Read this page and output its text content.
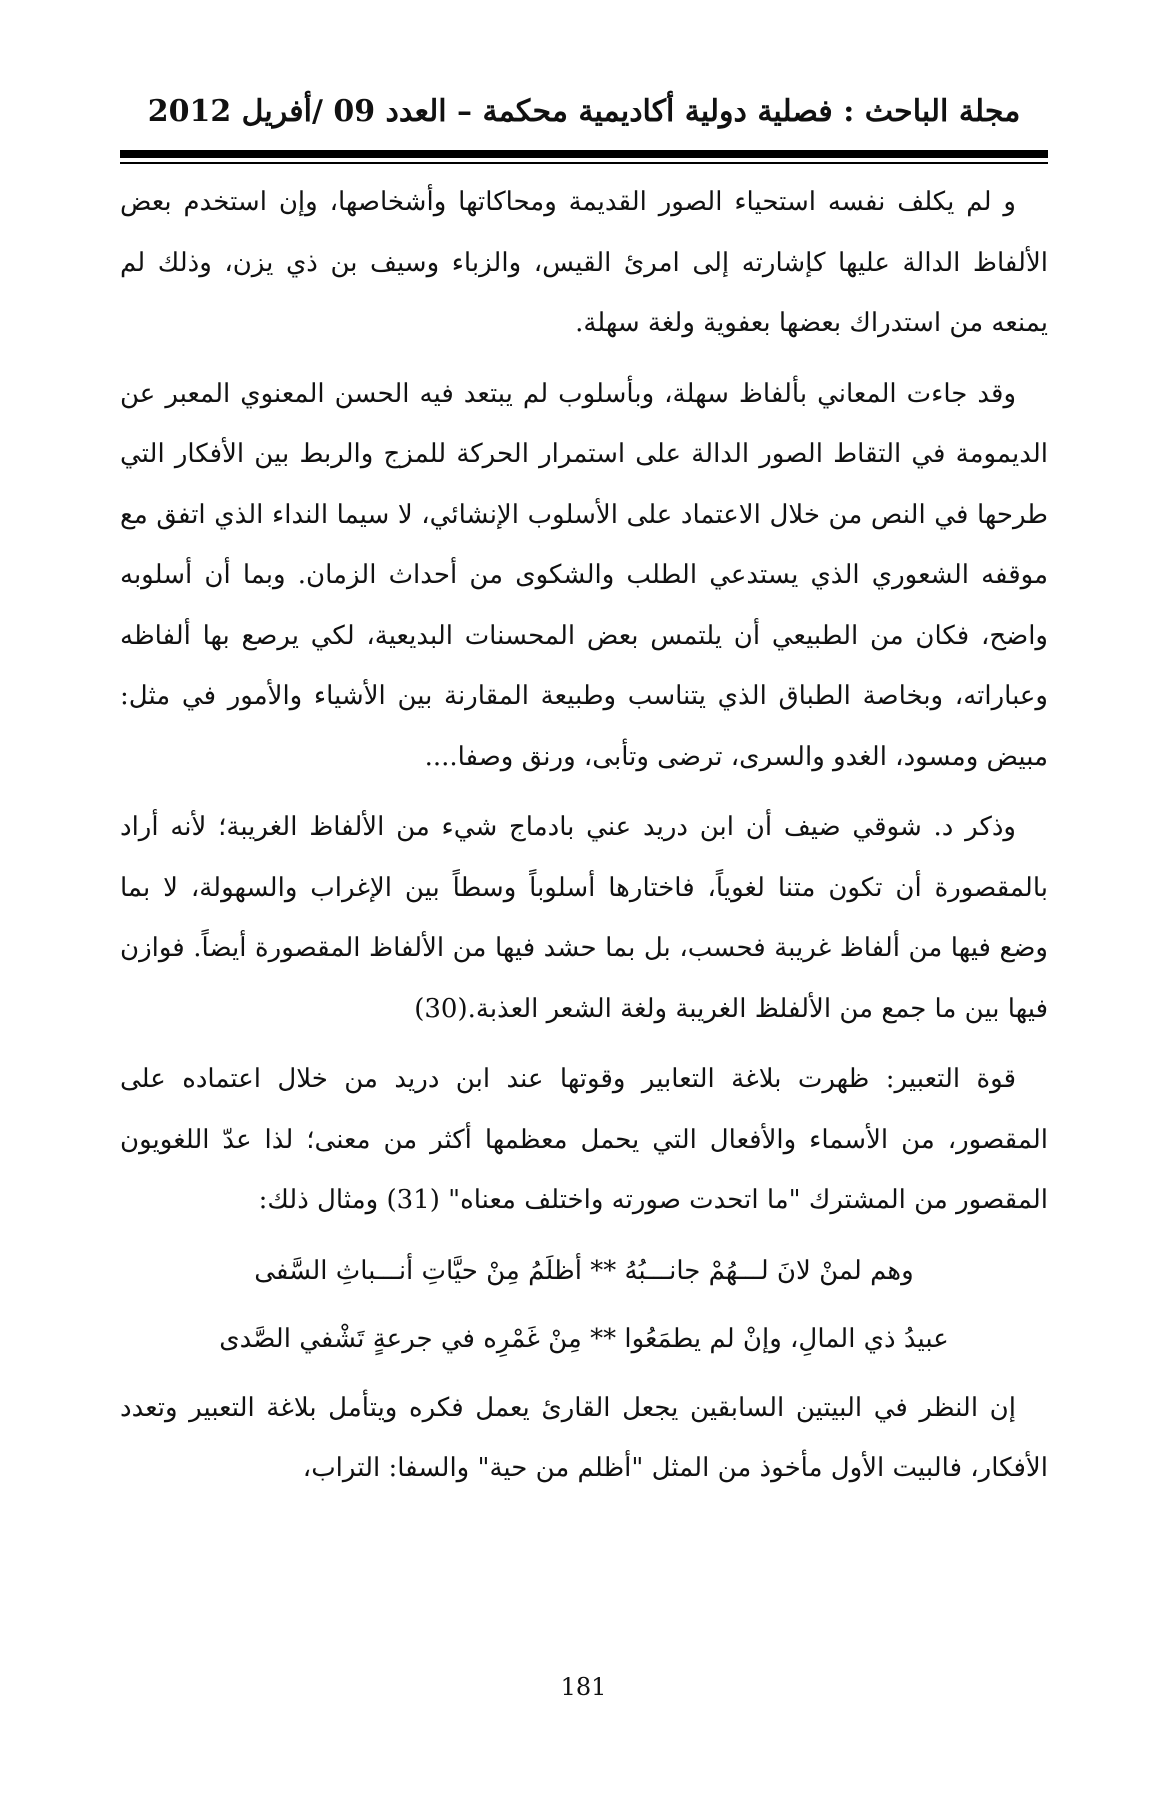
مجلة الباحث : فصلية دولية أكاديمية محكمة – العدد 09 /أفريل 2012

و لم يكلف نفسه استحياء الصور القديمة ومحاكاتها وأشخاصها، وإن استخدم بعض الألفاظ الدالة عليها كإشارته إلى امرئ القيس، والزباء وسيف بن ذي يزن، وذلك لم يمنعه من استدراك بعضها بعفوية ولغة سهلة.

وقد جاءت المعاني بألفاظ سهلة، وبأسلوب لم يبتعد فيه الحسن المعنوي المعبر عن الديمومة في التقاط الصور الدالة على استمرار الحركة للمزج والربط بين الأفكار التي طرحها في النص من خلال الاعتماد على الأسلوب الإنشائي، لا سيما النداء الذي اتفق مع موقفه الشعوري الذي يستدعي الطلب والشكوى من أحداث الزمان. وبما أن أسلوبه واضح، فكان من الطبيعي أن يلتمس بعض المحسنات البديعية، لكي يرصع بها ألفاظه وعباراته، وبخاصة الطباق الذي يتناسب وطبيعة المقارنة بين الأشياء والأمور في مثل: مبيض ومسود، الغدو والسرى، ترضى وتأبى، ورنق وصفا....

وذكر د. شوقي ضيف أن ابن دريد عني بادماج شيء من الألفاظ الغريبة؛ لأنه أراد بالمقصورة أن تكون متنا لغوياً، فاختارها أسلوباً وسطاً بين الإغراب والسهولة، لا بما وضع فيها من ألفاظ غريبة فحسب، بل بما حشد فيها من الألفاظ المقصورة أيضاً. فوازن فيها بين ما جمع من الألفلظ الغريبة ولغة الشعر العذبة.(30)

قوة التعبير: ظهرت بلاغة التعابير وقوتها عند ابن دريد من خلال اعتماده على المقصور، من الأسماء والأفعال التي يحمل معظمها أكثر من معنى؛ لذا عدّ اللغويون المقصور من المشترك "ما اتحدت صورته واختلف معناه" (31) ومثال ذلك:

وهم لمنْ لانَ لـــهُمْ جانـــبُهُ ** أظلَمُ مِنْ حيَّاتِ أنـــباثِ السَّفى

عبيدُ ذي المالِ، وإنْ لم يطمَعُوا ** مِنْ غَمْرِه في جرعةٍ تَشْفي الصَّدى

إن النظر في البيتين السابقين يجعل القارئ يعمل فكره ويتأمل بلاغة التعبير وتعدد الأفكار، فالبيت الأول مأخوذ من المثل "أظلم من حية" والسفا: التراب،

181
